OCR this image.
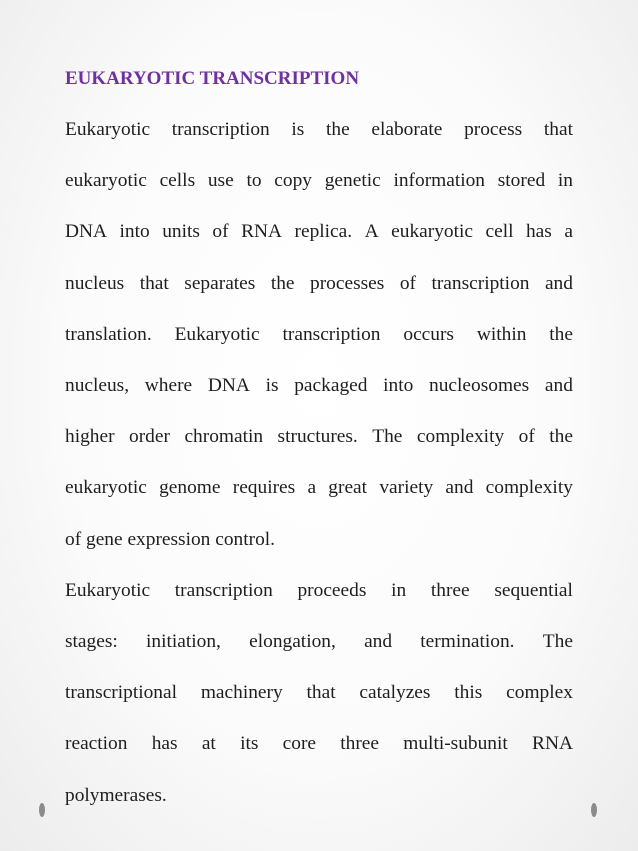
EUKARYOTIC TRANSCRIPTION
Eukaryotic transcription is the elaborate process that
eukaryotic cells use to copy genetic information stored in
DNA into units of RNA replica. A eukaryotic cell has a
nucleus that separates the processes of transcription and
translation. Eukaryotic transcription occurs within the
nucleus, where DNA is packaged into nucleosomes and
higher order chromatin structures. The complexity of the
eukaryotic genome requires a great variety and complexity
of gene expression control.
Eukaryotic transcription proceeds in three sequential
stages: initiation, elongation, and termination. The
transcriptional machinery that catalyzes this complex
reaction has at its core three multi-subunit RNA
polymerases.
